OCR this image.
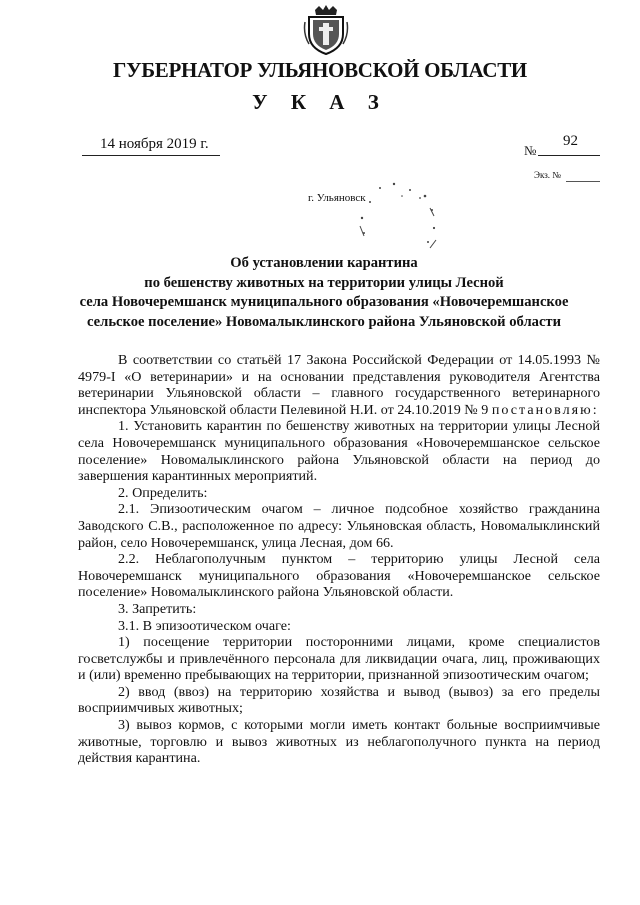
ГУБЕРНАТОР УЛЬЯНОВСКОЙ ОБЛАСТИ
У К А З
14 ноября 2019 г.	№
92
Экз. №
г. Ульяновск
Об установлении карантина
по бешенству животных на территории улицы Лесной
села Новочеремшанск муниципального образования «Новочеремшанское
сельское поселение» Новомалыклинского района Ульяновской области

В соответствии со статьёй 17 Закона Российской Федерации от 14.05.1993 № 4979-I «О ветеринарии» и на основании представления руководителя Агентства ветеринарии Ульяновской области – главного государственного ветеринарного инспектора Ульяновской области Пелевиной Н.И. от 24.10.2019 № 9 постановляю:

1. Установить карантин по бешенству животных на территории улицы Лесной села Новочеремшанск муниципального образования «Новочеремшанское сельское поселение» Новомалыклинского района Ульяновской области на период до завершения карантинных мероприятий.

2. Определить:

2.1. Эпизоотическим очагом – личное подсобное хозяйство гражданина Заводского С.В., расположенное по адресу: Ульяновская область, Новомалыклинский район, село Новочеремшанск, улица Лесная, дом 66.

2.2. Неблагополучным пунктом – территорию улицы Лесной села Новочеремшанск муниципального образования «Новочеремшанское сельское поселение» Новомалыклинского района Ульяновской области.

3. Запретить:

3.1. В эпизоотическом очаге:

1) посещение территории посторонними лицами, кроме специалистов госветслужбы и привлечённого персонала для ликвидации очага, лиц, проживающих и (или) временно пребывающих на территории, признанной эпизоотическим очагом;

2) ввод (ввоз) на территорию хозяйства и вывод (вывоз) за его пределы восприимчивых животных;

3) вывоз кормов, с которыми могли иметь контакт больные восприимчивые животные, торговлю и вывоз животных из неблагополучного пункта на период действия карантина.
